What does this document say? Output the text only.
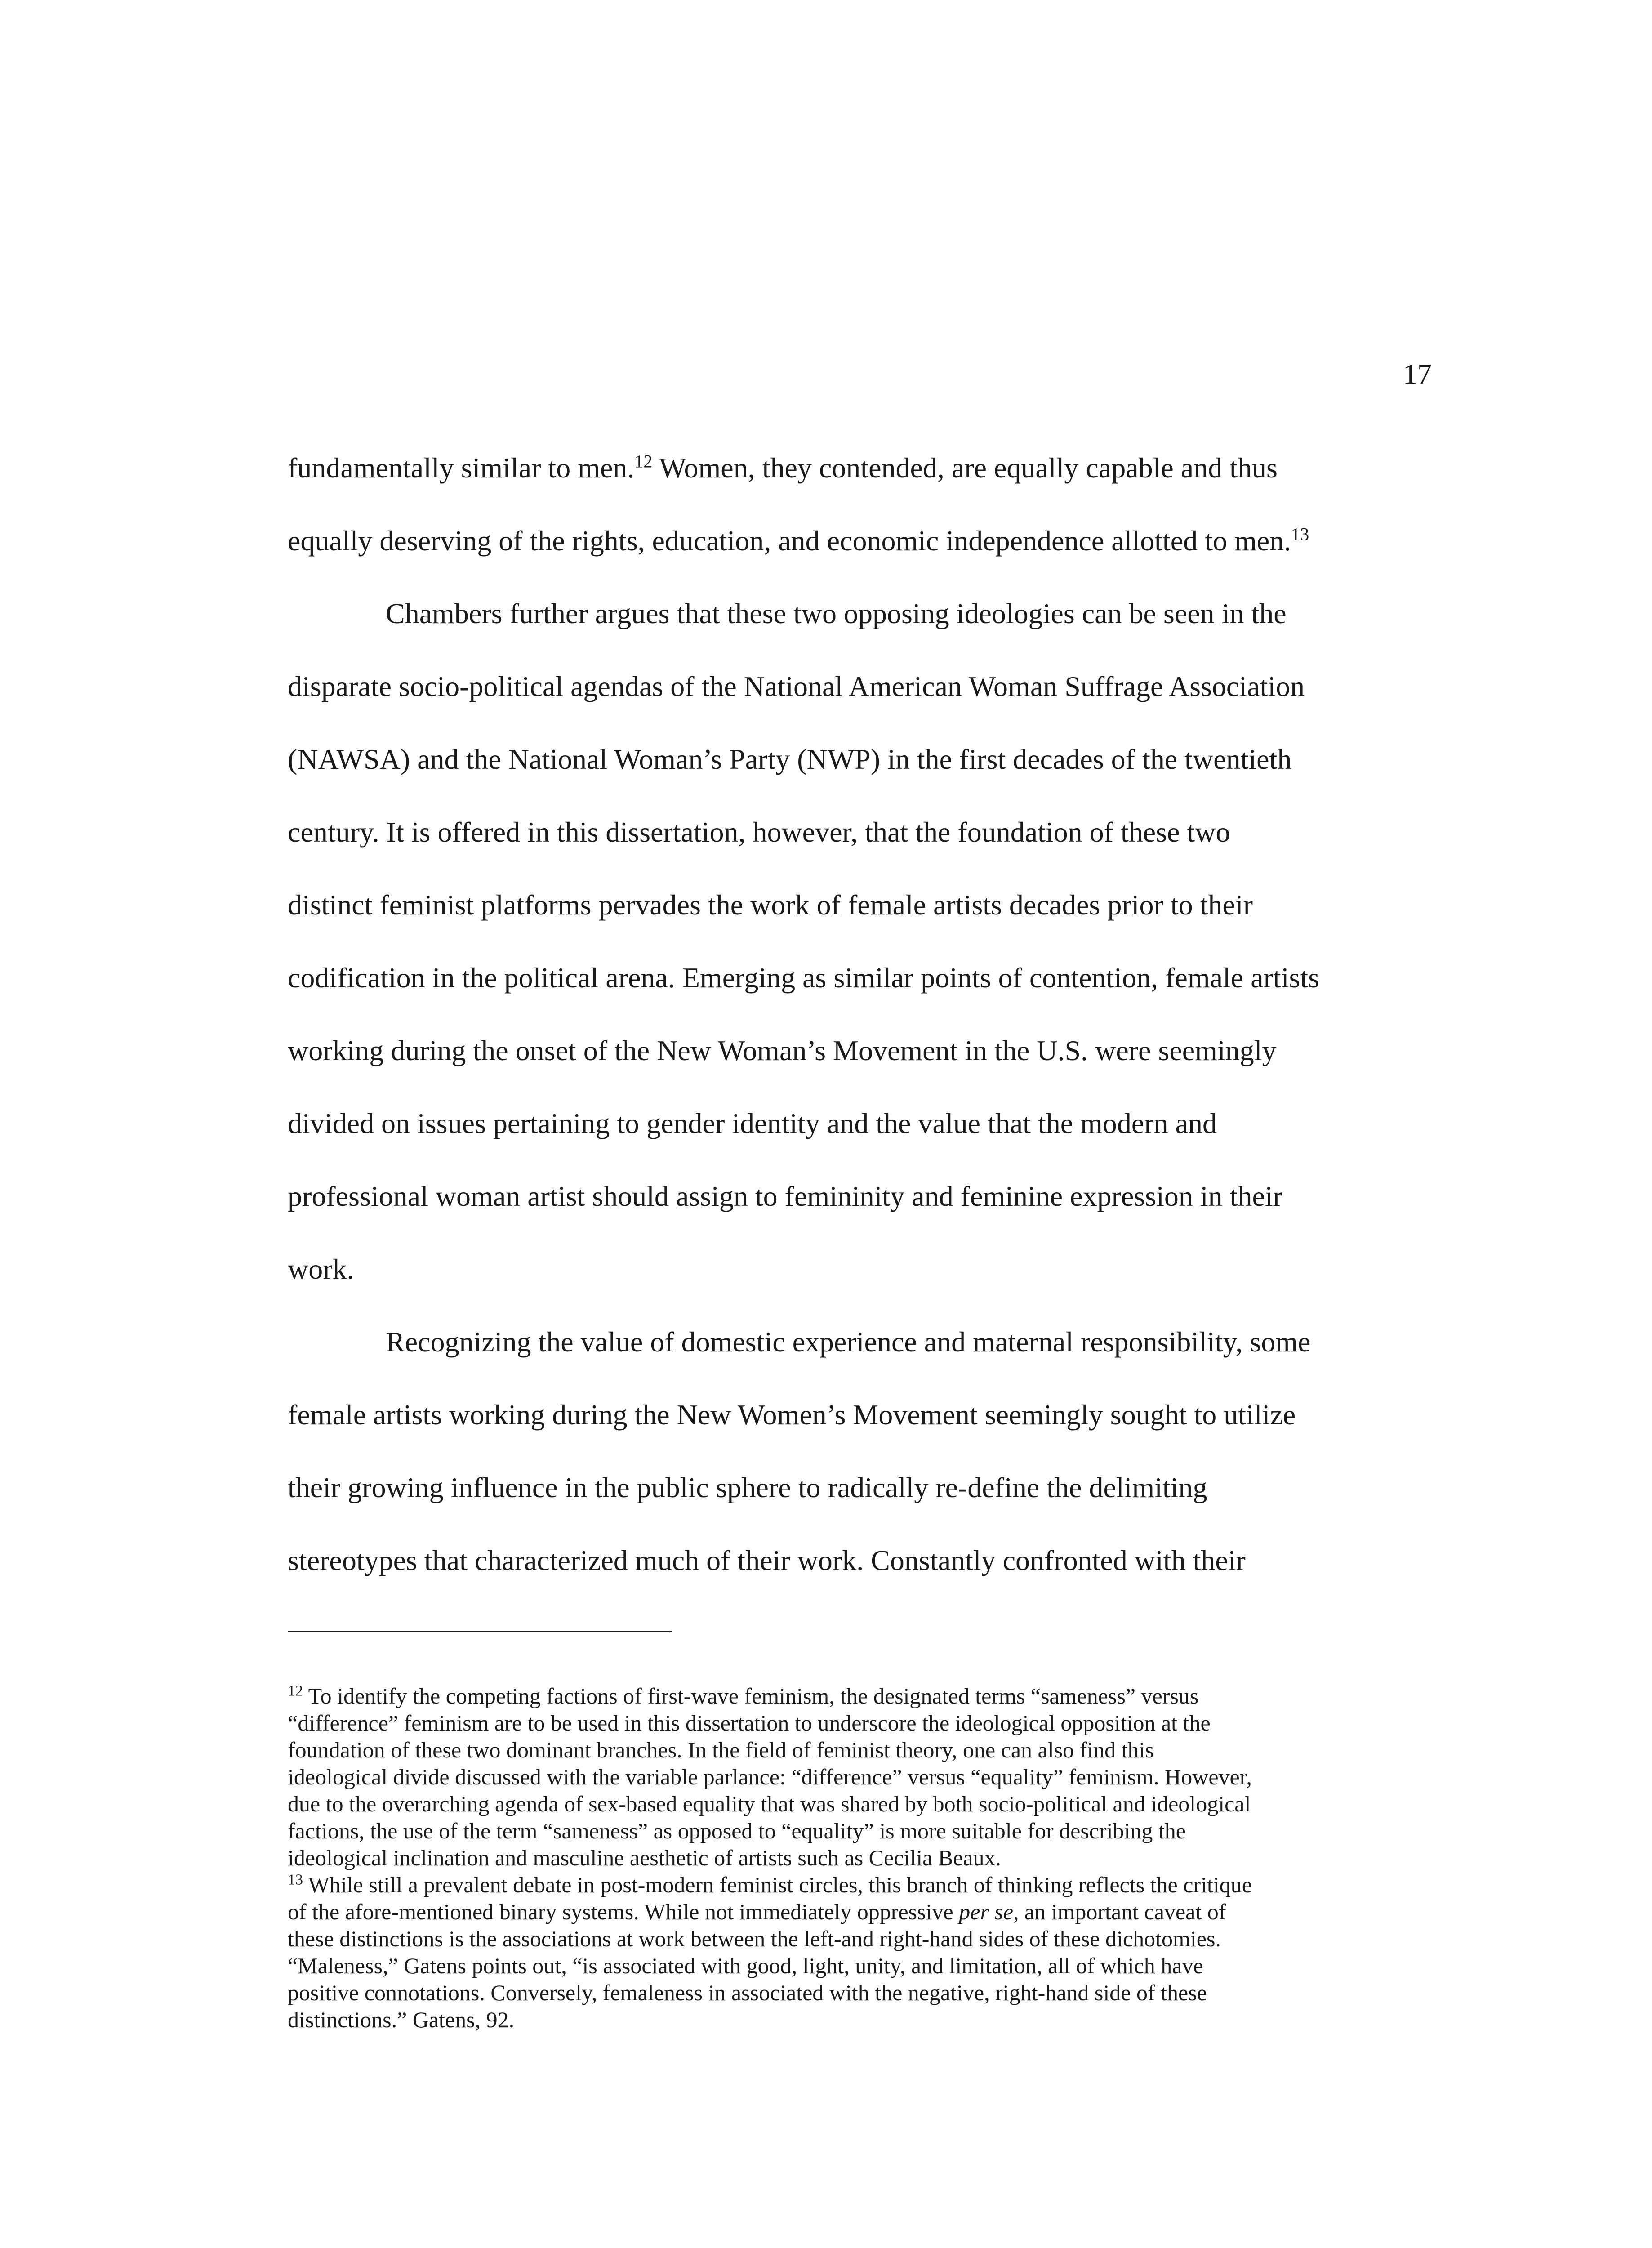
17

fundamentally similar to men.$^{12}$ Women, they contended, are equally capable and thus
equally deserving of the rights, education, and economic independence allotted to men.$^{13}$

Chambers further argues that these two opposing ideologies can be seen in the
disparate socio-political agendas of the National American Woman Suffrage Association
(NAWSA) and the National Woman’s Party (NWP) in the first decades of the twentieth
century. It is offered in this dissertation, however, that the foundation of these two
distinct feminist platforms pervades the work of female artists decades prior to their
codification in the political arena. Emerging as similar points of contention, female artists
working during the onset of the New Woman’s Movement in the U.S. were seemingly
divided on issues pertaining to gender identity and the value that the modern and
professional woman artist should assign to femininity and feminine expression in their
work.

Recognizing the value of domestic experience and maternal responsibility, some
female artists working during the New Women’s Movement seemingly sought to utilize
their growing influence in the public sphere to radically re-define the delimiting
stereotypes that characterized much of their work. Constantly confronted with their

$^{12}$ To identify the competing factions of first-wave feminism, the designated terms “sameness” versus
“difference” feminism are to be used in this dissertation to underscore the ideological opposition at the
foundation of these two dominant branches. In the field of feminist theory, one can also find this
ideological divide discussed with the variable parlance: “difference” versus “equality” feminism. However,
due to the overarching agenda of sex-based equality that was shared by both socio-political and ideological
factions, the use of the term “sameness” as opposed to “equality” is more suitable for describing the
ideological inclination and masculine aesthetic of artists such as Cecilia Beaux.

$^{13}$ While still a prevalent debate in post-modern feminist circles, this branch of thinking reflects the critique
of the afore-mentioned binary systems. While not immediately oppressive per se, an important caveat of
these distinctions is the associations at work between the left-and right-hand sides of these dichotomies.
“Maleness,” Gatens points out, “is associated with good, light, unity, and limitation, all of which have
positive connotations. Conversely, femaleness in associated with the negative, right-hand side of these
distinctions.” Gatens, 92.
